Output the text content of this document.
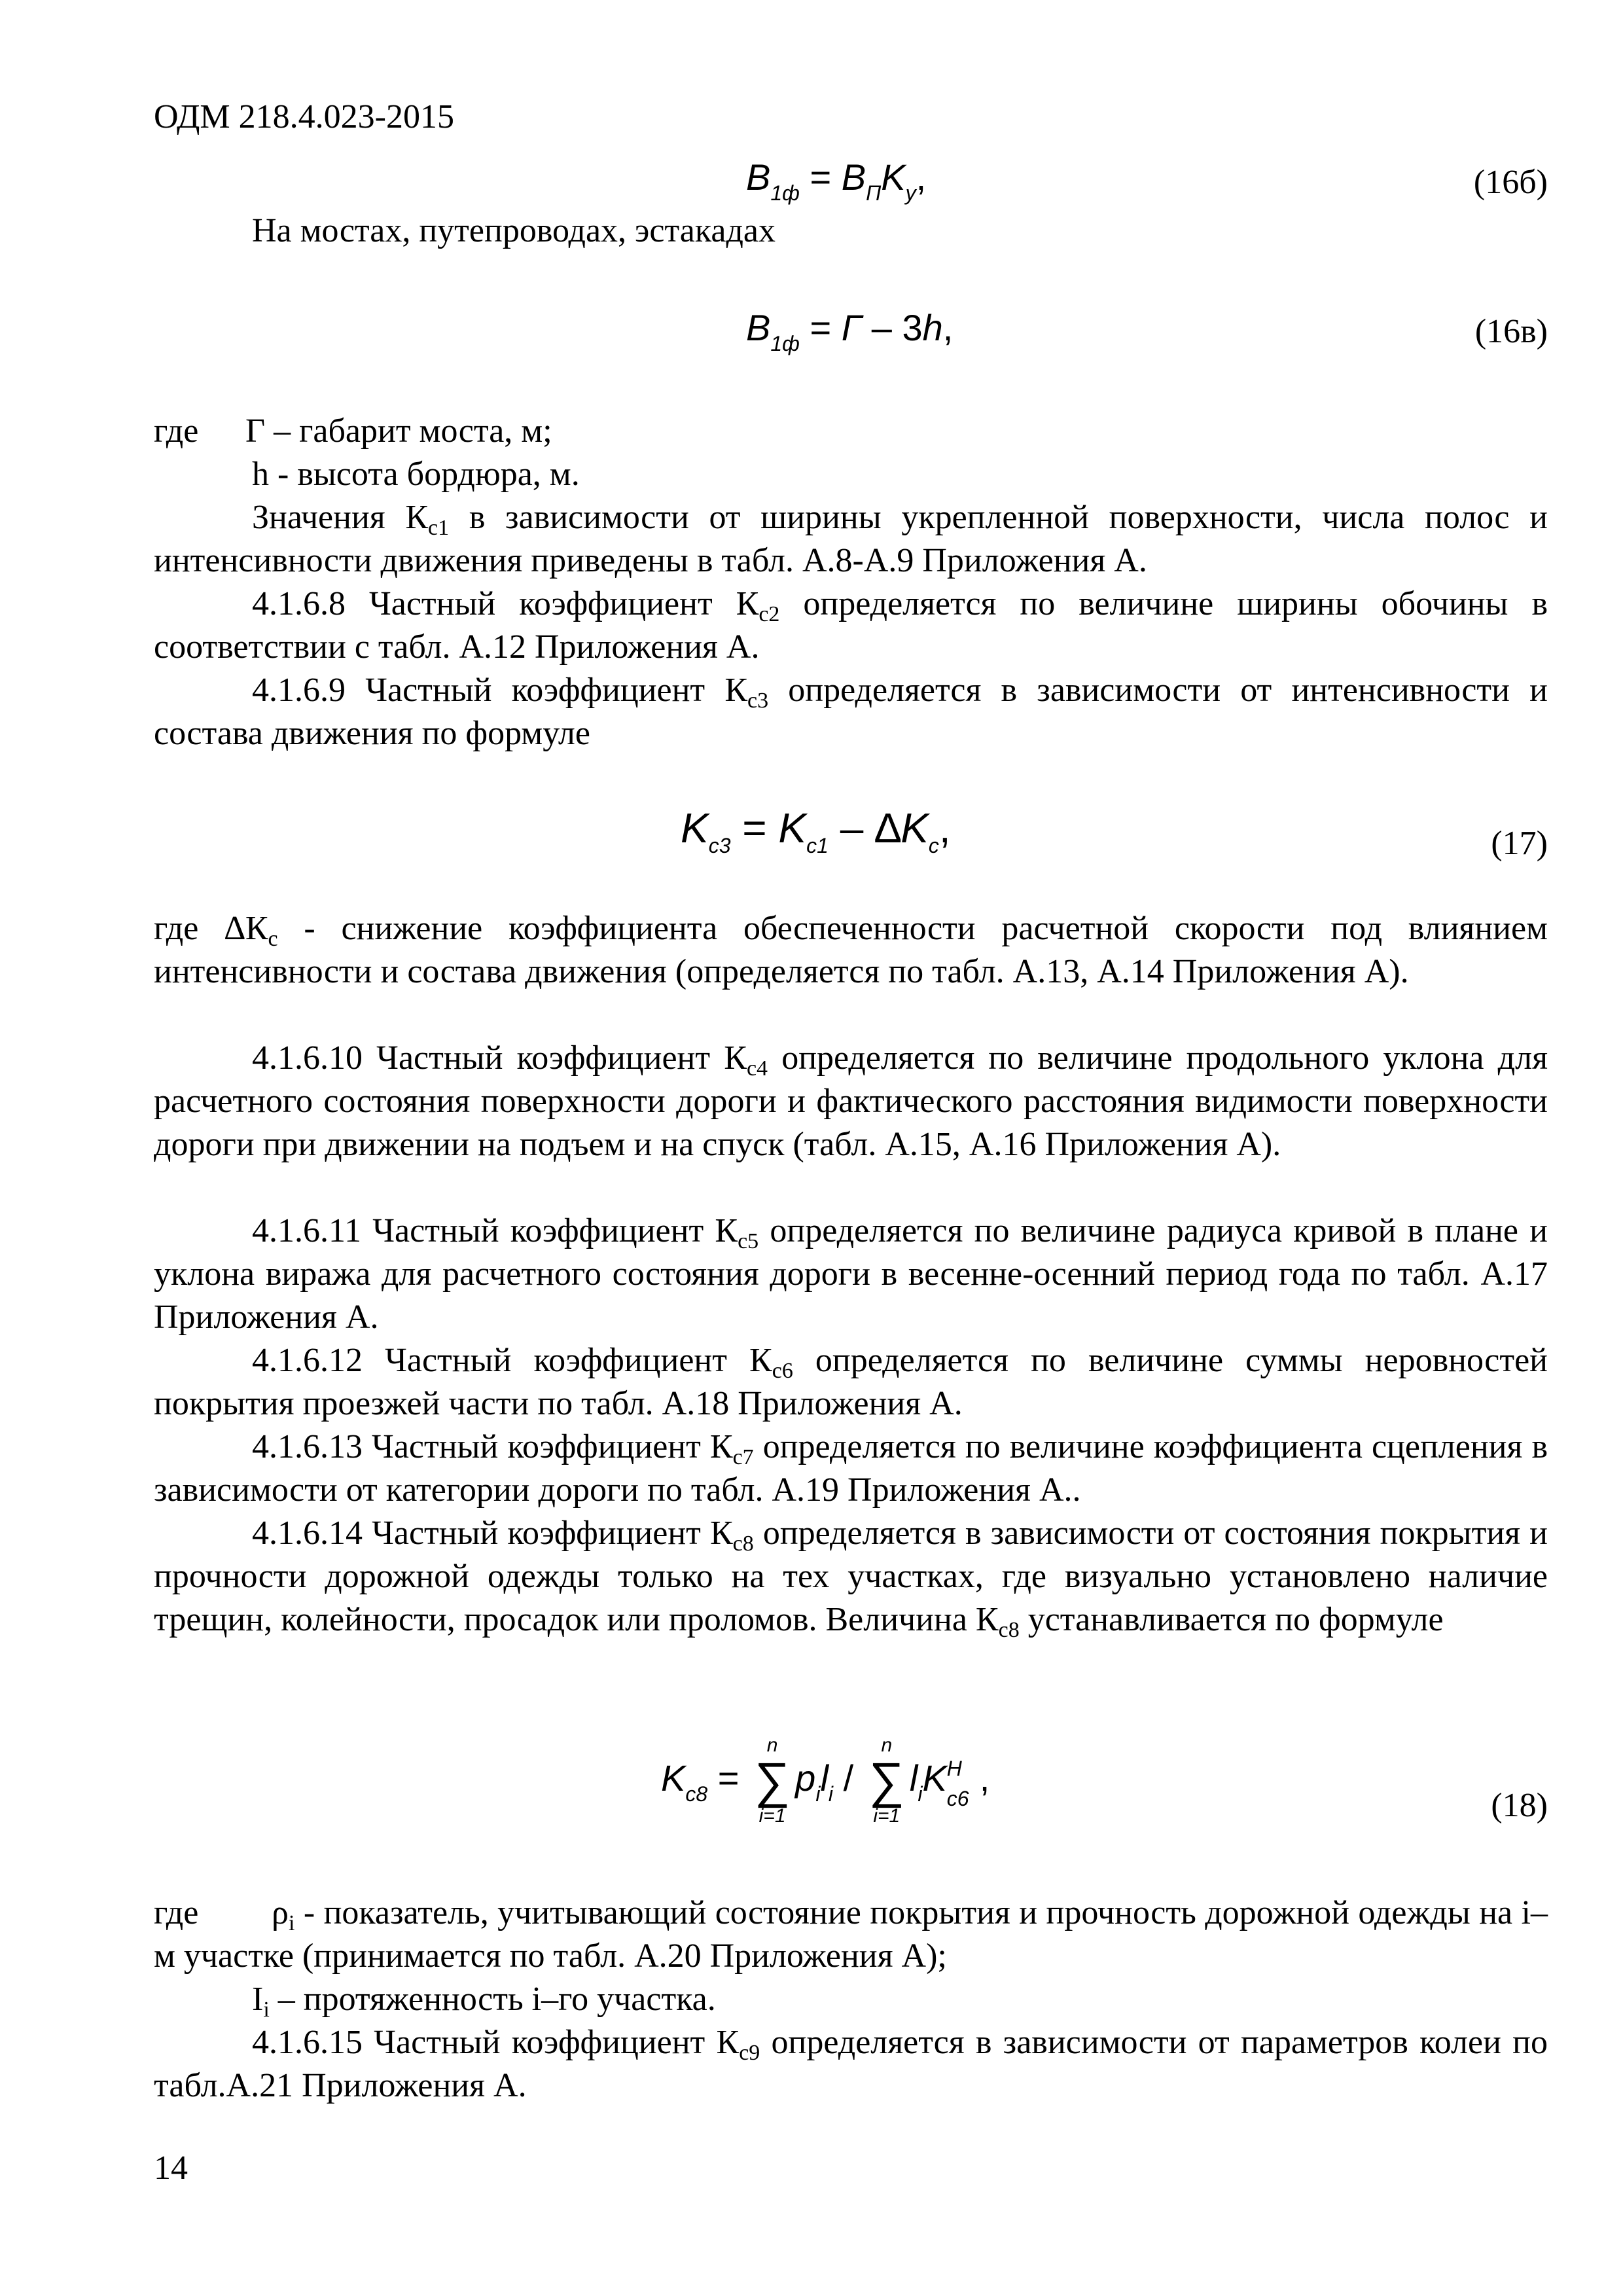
ОДМ 218.4.023-2015
$B_{1ф} = B_ПK_у$,	(16б)
На мостах, путепроводах, эстакадах
$B_{1ф} = Г - 3h$,	(16в)
где Г – габарит моста, м;
h - высота бордюра, м.
Значения Кс1 в зависимости от ширины укрепленной поверхности, числа полос и интенсивности движения приведены в табл. А.8-А.9 Приложения А.
4.1.6.8 Частный коэффициент Кс2 определяется по величине ширины обочины в соответствии с табл. А.12 Приложения А.
4.1.6.9 Частный коэффициент Кс3 определяется в зависимости от интенсивности и состава движения по формуле
$K_{с3} = K_{с1} - \Delta K_с$,	(17)
где ∆Кс - снижение коэффициента обеспеченности расчетной скорости под влиянием интенсивности и состава движения (определяется по табл. А.13, А.14 Приложения А).
4.1.6.10 Частный коэффициент Кс4 определяется по величине продольного уклона для расчетного состояния поверхности дороги и фактического расстояния видимости поверхности дороги при движении на подъем и на спуск (табл. А.15, А.16 Приложения А).
4.1.6.11 Частный коэффициент Кс5 определяется по величине радиуса кривой в плане и уклона виража для расчетного состояния дороги в весенне-осенний период года по табл. А.17 Приложения А.
4.1.6.12 Частный коэффициент Кс6 определяется по величине суммы неровностей покрытия проезжей части по табл. А.18 Приложения А.
4.1.6.13 Частный коэффициент Кс7 определяется по величине коэффициента сцепления в зависимости от категории дороги по табл. А.19 Приложения А..
4.1.6.14 Частный коэффициент Кс8 определяется в зависимости от состояния покрытия и прочности дорожной одежды только на тех участках, где визуально установлено наличие трещин, колейности, просадок или проломов. Величина Кс8 устанавливается по формуле
$K_{с8}$ =
n
∑
i=1
$p_il_i$ /
n
∑
i=1
$l_iK$ Н
с6 ,
(18)
где	ρi - показатель, учитывающий состояние покрытия и прочность дорожной одежды на i–м участке (принимается по табл. А.20 Приложения А);
Ii – протяженность i–го участка.
4.1.6.15 Частный коэффициент Кс9 определяется в зависимости от параметров колеи по табл.А.21 Приложения А.
14
